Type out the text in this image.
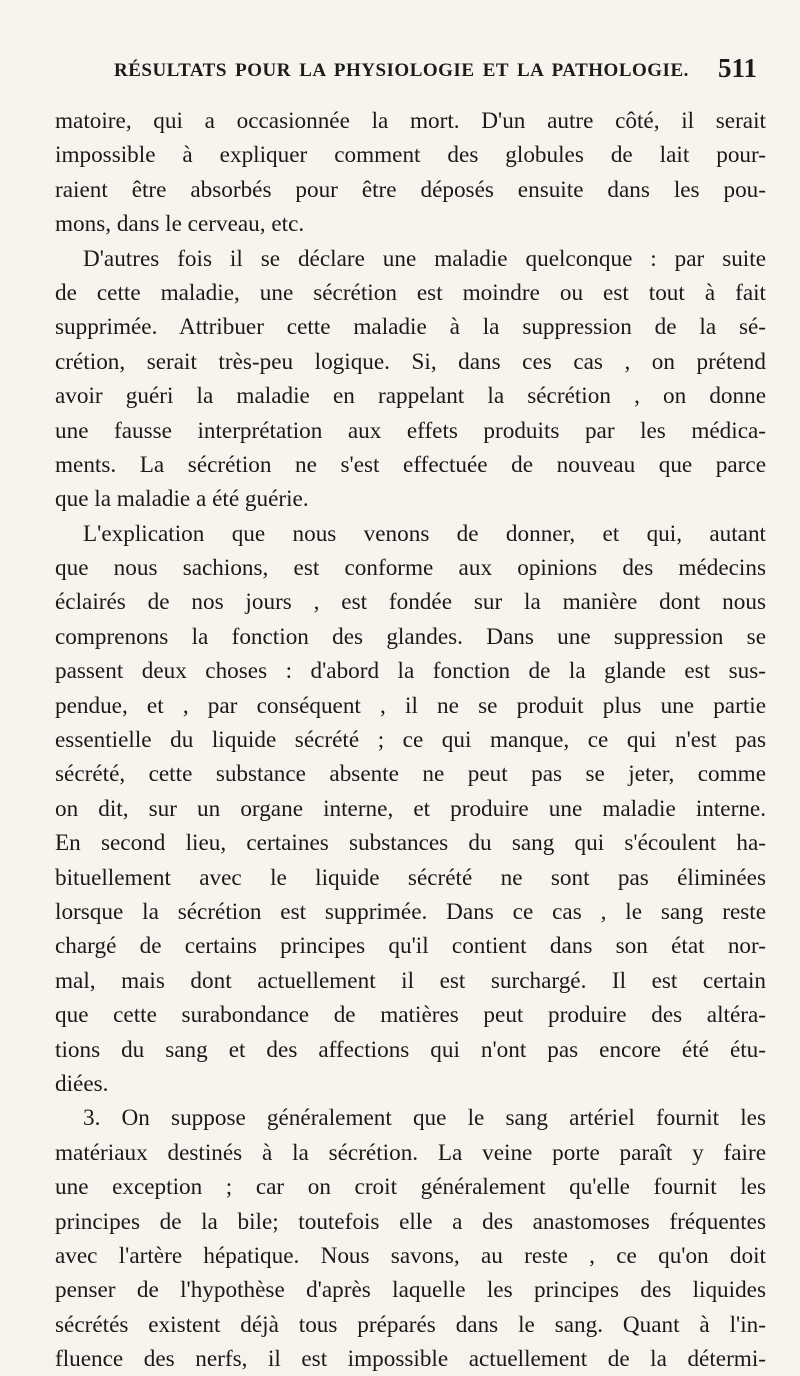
RÉSULTATS POUR LA PHYSIOLOGIE ET LA PATHOLOGIE. 511
matoire, qui a occasionnée la mort. D'un autre côté, il serait
impossible à expliquer comment des globules de lait pour-
raient être absorbés pour être déposés ensuite dans les pou-
mons, dans le cerveau, etc.
D'autres fois il se déclare une maladie quelconque : par suite
de cette maladie, une sécrétion est moindre ou est tout à fait
supprimée. Attribuer cette maladie à la suppression de la sé-
crétion, serait très-peu logique. Si, dans ces cas , on prétend
avoir guéri la maladie en rappelant la sécrétion , on donne
une fausse interprétation aux effets produits par les médica-
ments. La sécrétion ne s'est effectuée de nouveau que parce
que la maladie a été guérie.
L'explication que nous venons de donner, et qui, autant
que nous sachions, est conforme aux opinions des médecins
éclairés de nos jours , est fondée sur la manière dont nous
comprenons la fonction des glandes. Dans une suppression se
passent deux choses : d'abord la fonction de la glande est sus-
pendue, et , par conséquent , il ne se produit plus une partie
essentielle du liquide sécrété ; ce qui manque, ce qui n'est pas
sécrété, cette substance absente ne peut pas se jeter, comme
on dit, sur un organe interne, et produire une maladie interne.
En second lieu, certaines substances du sang qui s'écoulent ha-
bituellement avec le liquide sécrété ne sont pas éliminées
lorsque la sécrétion est supprimée. Dans ce cas , le sang reste
chargé de certains principes qu'il contient dans son état nor-
mal, mais dont actuellement il est surchargé. Il est certain
que cette surabondance de matières peut produire des altéra-
tions du sang et des affections qui n'ont pas encore été étu-
diées.
3. On suppose généralement que le sang artériel fournit les
matériaux destinés à la sécrétion. La veine porte paraît y faire
une exception ; car on croit généralement qu'elle fournit les
principes de la bile; toutefois elle a des anastomoses fréquentes
avec l'artère hépatique. Nous savons, au reste , ce qu'on doit
penser de l'hypothèse d'après laquelle les principes des liquides
sécrétés existent déjà tous préparés dans le sang. Quant à l'in-
fluence des nerfs, il est impossible actuellement de la détermi-
